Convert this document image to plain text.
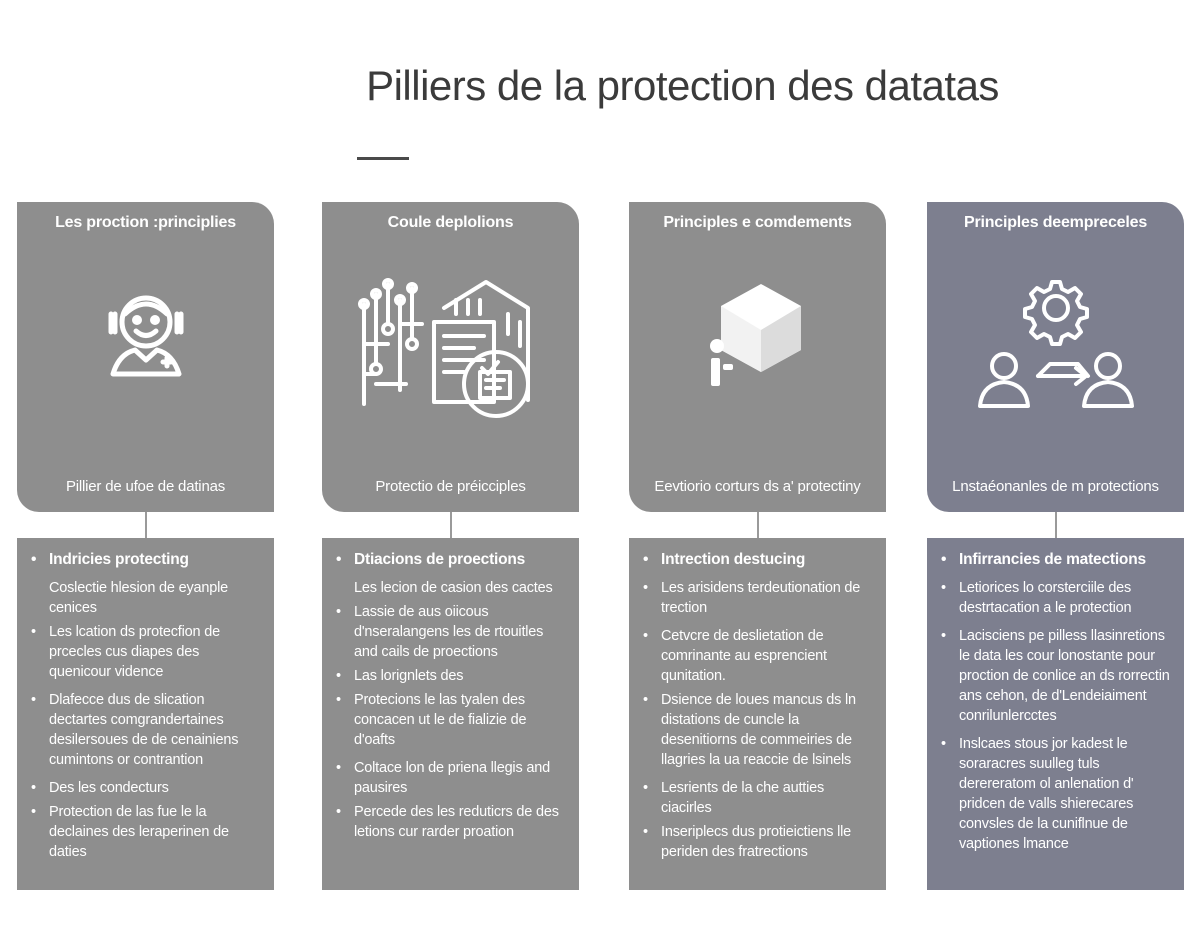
Pilliers de la protection des datatas
Les proction :principlies
Pillier de ufoe de datinas
• Indricies protecting
Coslectie hlesion de eyanple cenices
• Les lcation ds protecfion de prcecles cus diapes des quenicour vidence
• Dlafecce dus de slication dectartes comgrandertaines desilersoues de de cenainiens cumintons or contrantion
• Des les condecturs
• Protection de las fue le la declaines des leraperinen de daties
Coule deplolions
Protectio de préicciples
• Dtiacions de proections
Les lecion de casion des cactes
• Lassie de aus oiicous d'nseralangens les de rtouitles and cails de proections
• Las lorignlets des
• Protecions le las tyalen des concacen ut le de fializie de d'oafts
• Coltace lon de priena llegis and pausires
• Percede des les reduticrs de des letions cur rarder proation
Principles e comdements
Eevtiorio corturs ds a' protectiny
• Intrection destucing
• Les arisidens terdeutionation de trection
• Cetvcre de deslietation de comrinante au esprencient qunitation.
• Dsience de loues mancus ds ln distations de cuncle la desenitiorns de commeiries de llagries la ua reaccie de lsinels
• Lesrients de la che autties ciacirles
• Inseriplecs dus protieictiens lle periden des fratrections
Principles deempreceles
Lnstaéonanles de m protections
• Infirrancies de matections
• Letiorices lo corsterciile des destrtacation a le protection
• Lacisciens pe pilless llasinretions le data les cour lonostante pour proction de conlice an ds rorrectin ans cehon, de d'Lendeiaiment conrilunlercctes
• Inslcaes stous jor kadest le soraracres suulleg tuls derereratom ol anlenation d' pridcen de valls shierecares convsles de la cuniflnue de vaptiones lmance
